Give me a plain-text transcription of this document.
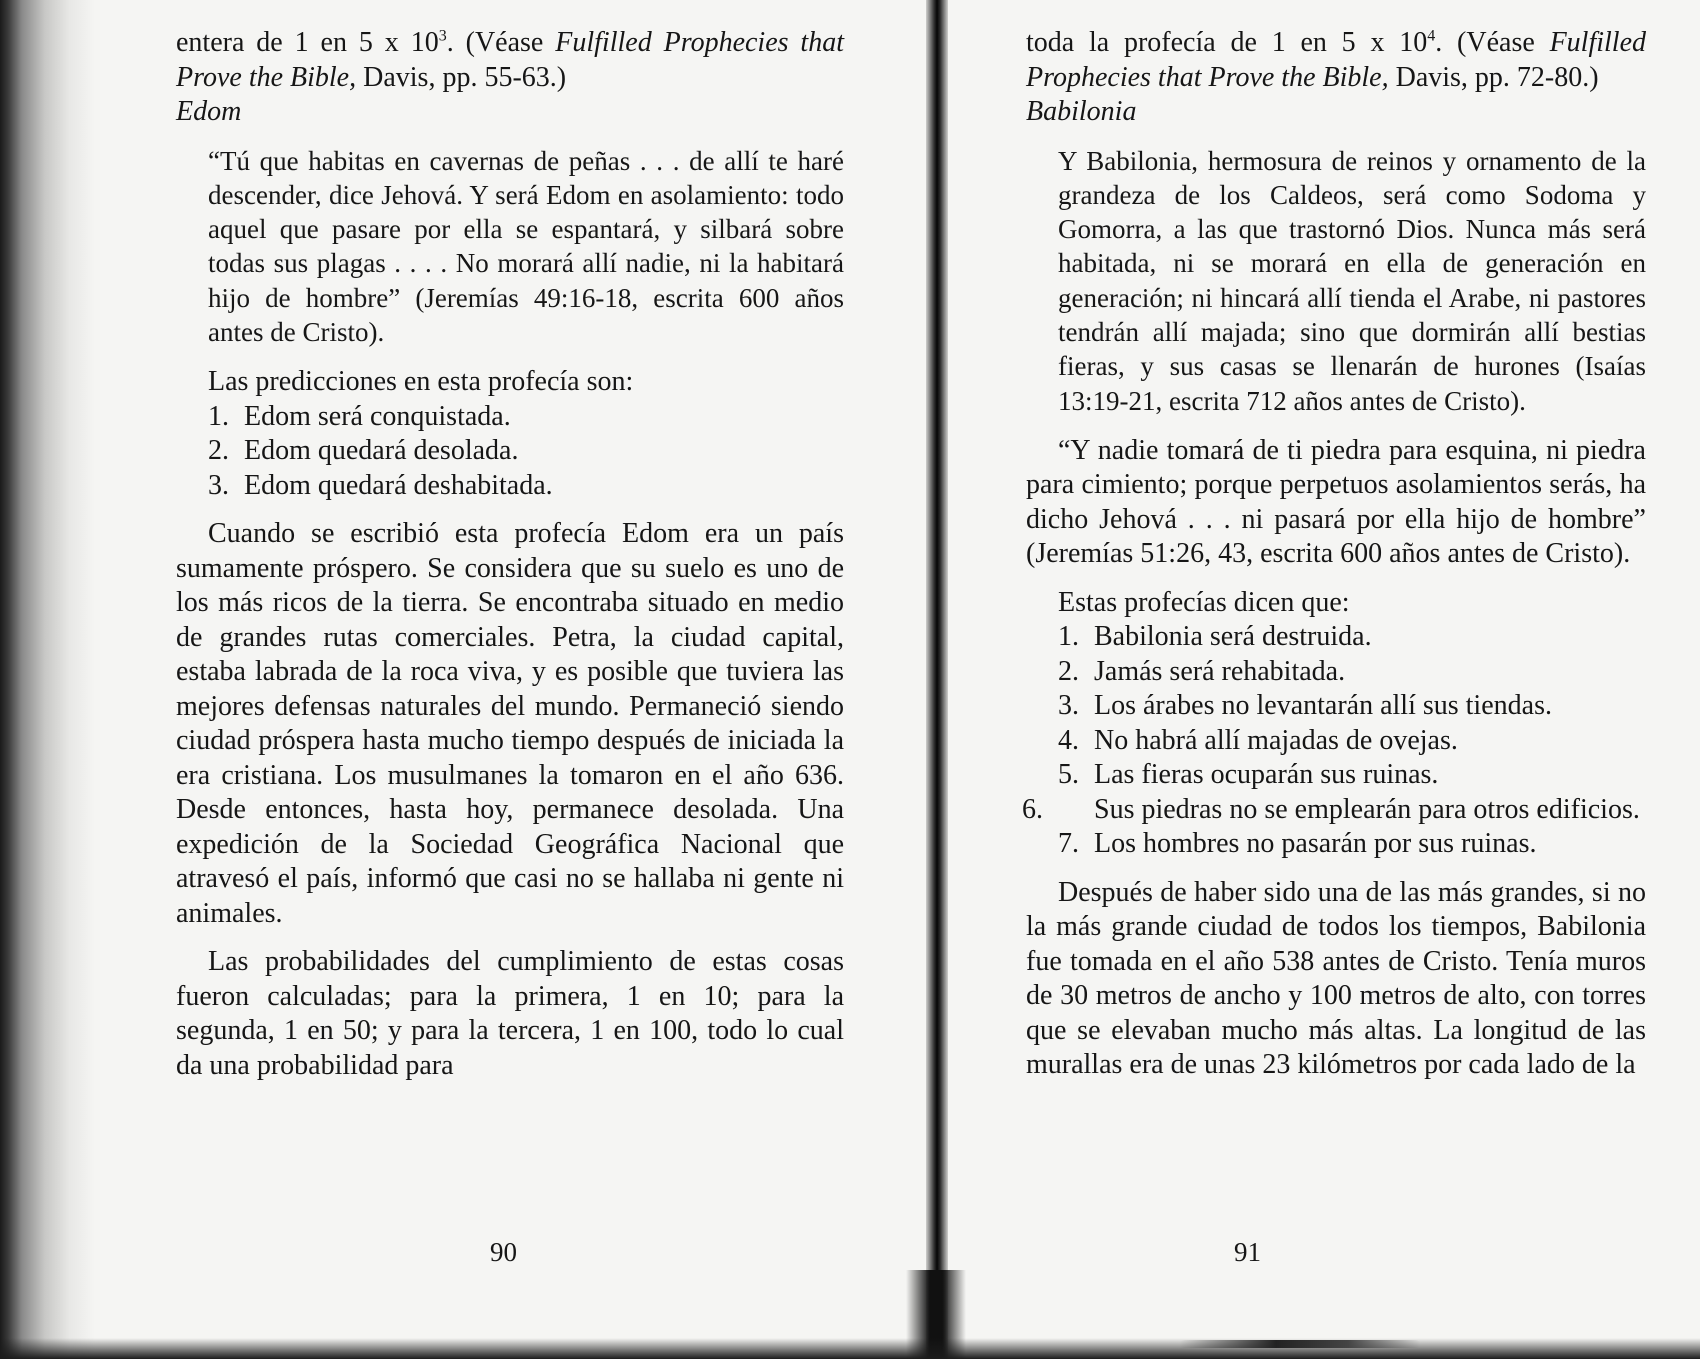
entera de 1 en 5 x $10^3$. (Véase Fulfilled Prophecies that Prove the Bible, Davis, pp. 55-63.)

Edom

“Tú que habitas en cavernas de peñas . . . de allí te haré descender, dice Jehová. Y será Edom en asolamiento: todo aquel que pasare por ella se espantará, y silbará sobre todas sus plagas . . . . No morará allí nadie, ni la habitará hijo de hombre” (Jeremías 49:16-18, escrita 600 años antes de Cristo).

Las predicciones en esta profecía son:

1. Edom será conquistada.
2. Edom quedará desolada.
3. Edom quedará deshabitada.

Cuando se escribió esta profecía Edom era un país sumamente próspero. Se considera que su suelo es uno de los más ricos de la tierra. Se encontraba situado en medio de grandes rutas comerciales. Petra, la ciudad capital, estaba labrada de la roca viva, y es posible que tuviera las mejores defensas naturales del mundo. Permaneció siendo ciudad próspera hasta mucho tiempo después de iniciada la era cristiana. Los musulmanes la tomaron en el año 636. Desde entonces, hasta hoy, permanece desolada. Una expedición de la Sociedad Geográfica Nacional que atravesó el país, informó que casi no se hallaba ni gente ni animales.

Las probabilidades del cumplimiento de estas cosas fueron calculadas; para la primera, 1 en 10; para la segunda, 1 en 50; y para la tercera, 1 en 100, todo lo cual da una probabilidad para

90

toda la profecía de 1 en 5 x $10^4$. (Véase Fulfilled Prophecies that Prove the Bible, Davis, pp. 72-80.)

Babilonia

Y Babilonia, hermosura de reinos y ornamento de la grandeza de los Caldeos, será como Sodoma y Gomorra, a las que trastornó Dios. Nunca más será habitada, ni se morará en ella de generación en generación; ni hincará allí tienda el Arabe, ni pastores tendrán allí majada; sino que dormirán allí bestias fieras, y sus casas se llenarán de hurones (Isaías 13:19-21, escrita 712 años antes de Cristo).

“Y nadie tomará de ti piedra para esquina, ni piedra para cimiento; porque perpetuos asolamientos serás, ha dicho Jehová . . . ni pasará por ella hijo de hombre” (Jeremías 51:26, 43, escrita 600 años antes de Cristo).

Estas profecías dicen que:

1. Babilonia será destruida.
2. Jamás será rehabitada.
3. Los árabes no levantarán allí sus tiendas.
4. No habrá allí majadas de ovejas.
5. Las fieras ocuparán sus ruinas.
6. Sus piedras no se emplearán para otros edificios.
7. Los hombres no pasarán por sus ruinas.

Después de haber sido una de las más grandes, si no la más grande ciudad de todos los tiempos, Babilonia fue tomada en el año 538 antes de Cristo. Tenía muros de 30 metros de ancho y 100 metros de alto, con torres que se elevaban mucho más altas. La longitud de las murallas era de unas 23 kilómetros por cada lado de la

91
